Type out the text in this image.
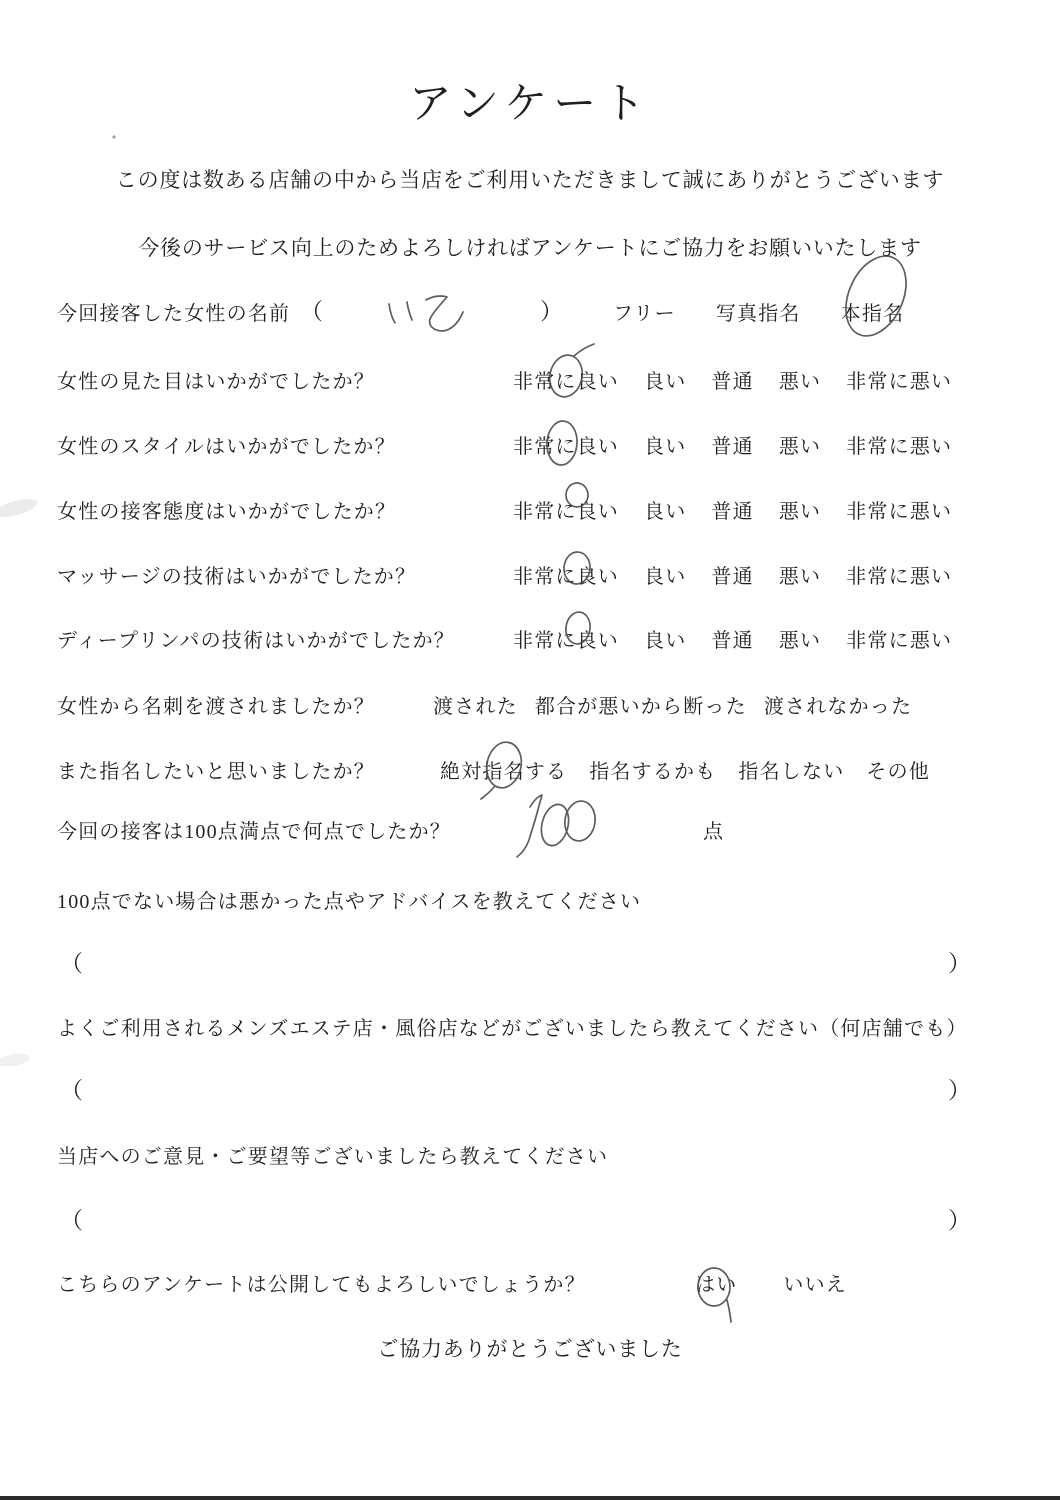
アンケート
この度は数ある店舗の中から当店をご利用いただきまして誠にありがとうございます
今後のサービス向上のためよろしければアンケートにご協力をお願いいたします
今回接客した女性の名前 （	）	フリー 写真指名 本指名
女性の見た目はいかがでしたか？	非常に良い 良い 普通 悪い 非常に悪い
女性のスタイルはいかがでしたか？	非常に良い 良い 普通 悪い 非常に悪い
女性の接客態度はいかがでしたか？	非常に良い 良い 普通 悪い 非常に悪い
マッサージの技術はいかがでしたか？	非常に良い 良い 普通 悪い 非常に悪い
ディープリンパの技術はいかがでしたか？	非常に良い 良い 普通 悪い 非常に悪い
女性から名刺を渡されましたか？	渡された 都合が悪いから断った 渡されなかった
また指名したいと思いましたか？	絶対指名する 指名するかも 指名しない その他
今回の接客は100点満点で何点でしたか？	点
100点でない場合は悪かった点やアドバイスを教えてください
（	）
よくご利用されるメンズエステ店・風俗店などがございましたら教えてください（何店舗でも）
（	）
当店へのご意見・ご要望等ございましたら教えてください
（	）
こちらのアンケートは公開してもよろしいでしょうか？	はい いいえ
ご協力ありがとうございました
